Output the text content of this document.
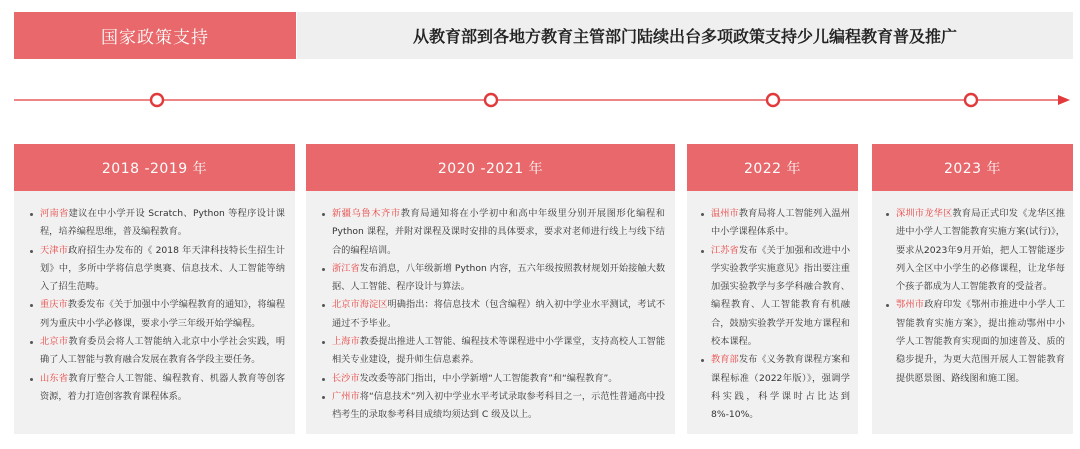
国家政策支持	从教育部到各地方教育主管部门陆续出台多项政策支持少儿编程教育普及推广
2018 -2019 年
河南省建议在中小学开设 Scratch、Python 等程序设计课程，培养编程思维，普及编程教育。
天津市政府招生办发布的《 2018 年天津科技特长生招生计划》中，多所中学将信息学奥赛、信息技术、人工智能等纳入了招生范畴。
重庆市教委发布《关于加强中小学编程教育的通知》，将编程列为重庆中小学必修课，要求小学三年级开始学编程。
北京市教育委员会将人工智能纳入北京中小学社会实践，明确了人工智能与教育融合发展在教育各学段主要任务。
山东省教育厅整合人工智能、编程教育、机器人教育等创客资源，着力打造创客教育课程体系。
2020 -2021 年
新疆乌鲁木齐市教育局通知将在小学初中和高中年级里分别开展图形化编程和 Python 课程，并附对课程及课时安排的具体要求，要求对老师进行线上与线下结合的编程培训。
浙江省发布消息，八年级新增 Python 内容，五六年级按照教材规划开始接触大数据、人工智能、程序设计与算法。
北京市海淀区明确指出：将信息技术（包含编程）纳入初中学业水平测试，考试不通过不予毕业。
上海市教委提出推进人工智能、编程技术等课程进中小学课堂，支持高校人工智能相关专业建设，提升师生信息素养。
长沙市发改委等部门指出，中小学新增“人工智能教育”和“编程教育”。
广州市将“信息技术”列入初中学业水平考试录取参考科目之一，示范性普通高中投档考生的录取参考科目成绩均须达到 C 级及以上。
2022 年
温州市教育局将人工智能列入温州中小学课程体系中。
江苏省发布《关于加强和改进中小学实验教学实施意见》指出要注重加强实验教学与多学科融合教育、编程教育、人工智能教育有机融合，鼓励实验教学开发地方课程和校本课程。
教育部发布《义务教育课程方案和课程标准（2022年版）》，强调学科实践，科学课时占比达到8%-10%。
2023 年
深圳市龙华区教育局正式印发《龙华区推进中小学人工智能教育实施方案(试行)》，要求从2023年9月开始，把人工智能逐步列入全区中小学生的必修课程，让龙华每个孩子都成为人工智能教育的受益者。
鄂州市政府印发《鄂州市推进中小学人工智能教育实施方案》，提出推动鄂州中小学人工智能教育实现面的加速普及、质的稳步提升，为更大范围开展人工智能教育提供愿景图、路线图和施工图。
